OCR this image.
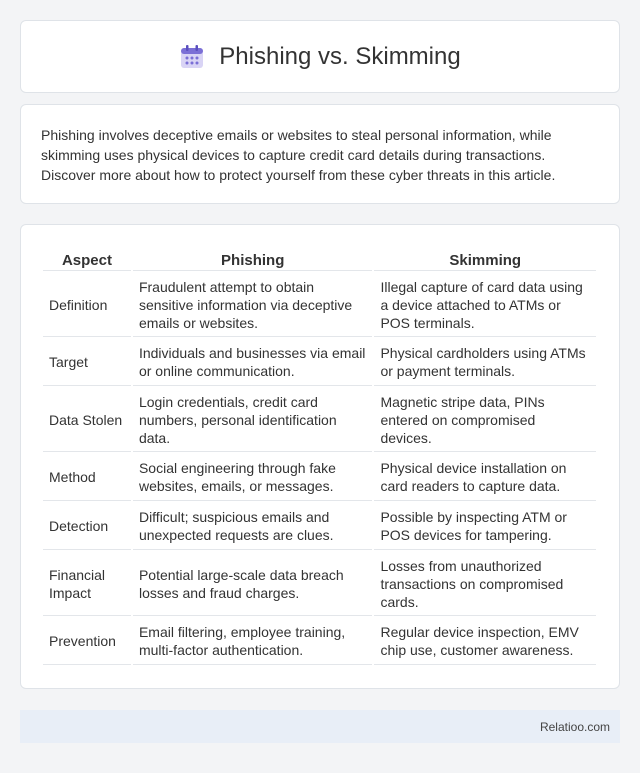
Phishing vs. Skimming

Phishing involves deceptive emails or websites to steal personal information, while skimming uses physical devices to capture credit card details during transactions. Discover more about how to protect yourself from these cyber threats in this article.

Aspect	Phishing	Skimming
Definition	Fraudulent attempt to obtain sensitive information via deceptive emails or websites.	Illegal capture of card data using a device attached to ATMs or POS terminals.
Target	Individuals and businesses via email or online communication.	Physical cardholders using ATMs or payment terminals.
Data Stolen	Login credentials, credit card numbers, personal identification data.	Magnetic stripe data, PINs entered on compromised devices.
Method	Social engineering through fake websites, emails, or messages.	Physical device installation on card readers to capture data.
Detection	Difficult; suspicious emails and unexpected requests are clues.	Possible by inspecting ATM or POS devices for tampering.
Financial Impact	Potential large-scale data breach losses and fraud charges.	Losses from unauthorized transactions on compromised cards.
Prevention	Email filtering, employee training, multi-factor authentication.	Regular device inspection, EMV chip use, customer awareness.
Relatioo.com
